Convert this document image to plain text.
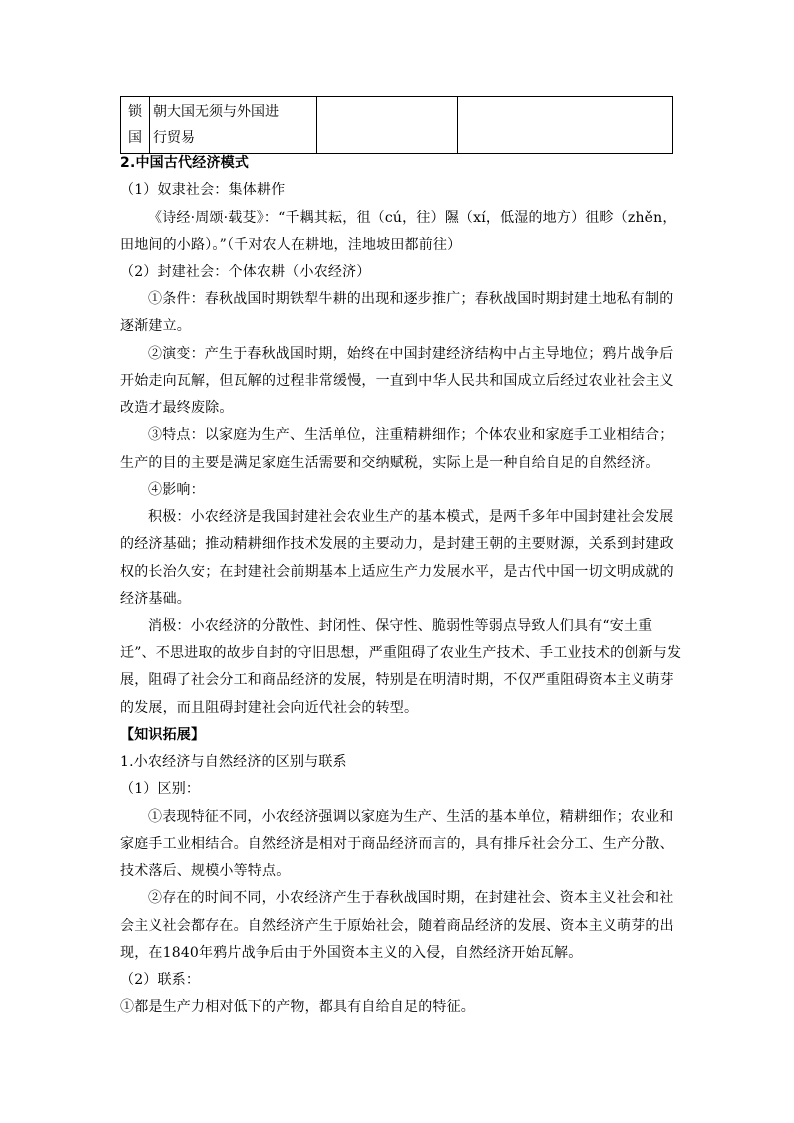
锁
国	朝大国无须与外国进
行贸易		
2.中国古代经济模式
（1）奴隶社会：集体耕作
《诗经·周颂·载芟》：“千耦其耘，徂（cú，往）隰（xí，低湿的地方）徂畛（zhěn，
田地间的小路）。”（千对农人在耕地，洼地坡田都前往）
（2）封建社会：个体农耕（小农经济）
①条件：春秋战国时期铁犁牛耕的出现和逐步推广；春秋战国时期封建土地私有制的
逐渐建立。
②演变：产生于春秋战国时期，始终在中国封建经济结构中占主导地位；鸦片战争后
开始走向瓦解，但瓦解的过程非常缓慢，一直到中华人民共和国成立后经过农业社会主义
改造才最终废除。
③特点：以家庭为生产、生活单位，注重精耕细作；个体农业和家庭手工业相结合；
生产的目的主要是满足家庭生活需要和交纳赋税，实际上是一种自给自足的自然经济。
④影响：
积极：小农经济是我国封建社会农业生产的基本模式，是两千多年中国封建社会发展
的经济基础；推动精耕细作技术发展的主要动力，是封建王朝的主要财源，关系到封建政
权的长治久安；在封建社会前期基本上适应生产力发展水平，是古代中国一切文明成就的
经济基础。
消极：小农经济的分散性、封闭性、保守性、脆弱性等弱点导致人们具有“安土重
迁”、不思进取的故步自封的守旧思想，严重阻碍了农业生产技术、手工业技术的创新与发
展，阻碍了社会分工和商品经济的发展，特别是在明清时期，不仅严重阻碍资本主义萌芽
的发展，而且阻碍封建社会向近代社会的转型。
【知识拓展】
1.小农经济与自然经济的区别与联系
（1）区别：
①表现特征不同，小农经济强调以家庭为生产、生活的基本单位，精耕细作；农业和
家庭手工业相结合。自然经济是相对于商品经济而言的，具有排斥社会分工、生产分散、
技术落后、规模小等特点。
②存在的时间不同，小农经济产生于春秋战国时期，在封建社会、资本主义社会和社
会主义社会都存在。自然经济产生于原始社会，随着商品经济的发展、资本主义萌芽的出
现，在1840年鸦片战争后由于外国资本主义的入侵，自然经济开始瓦解。
（2）联系：
①都是生产力相对低下的产物，都具有自给自足的特征。
